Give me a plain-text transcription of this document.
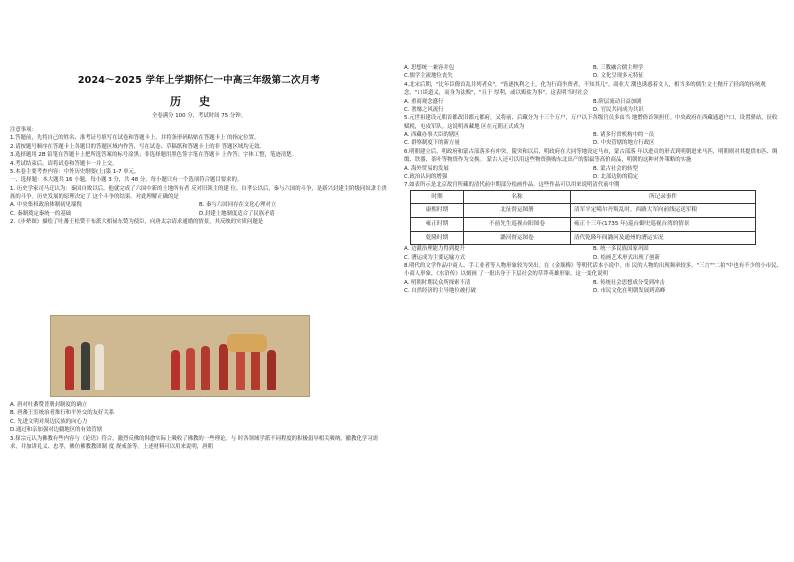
2024～2025 学年上学期怀仁一中高三年级第二次月考
历史
全卷满分 100 分，考试时间 75 分钟。

注意事项：

1.答题前，先将自己的姓名、准考证号填写在试卷和答题卡上，并将条形码粘贴在答题卡上 的指定位置。

2.请按题号顺序在答题卡上各题目的答题区域内作答，写在试卷、草稿纸和答题卡上的非 答题区域均无效。

3.选择题用 2B 铅笔在答题卡上把所选答案的标号涂黑；非选择题用黑色签字笔在答题卡 上作答；字体工整，笔迹清楚。

4.考试结束后，请将试卷和答题卡一并上交。

5.本卷主要考查内容：中外历史纲要(上)第 1-7 单元。

一、选择题：本大题共 16 小题，每小题 3 分，共 48 分。每小题只有一个选项符合题目要求的。

1. 历史学家司马迁认为：秦国自败以后，他就完成了六国中新的土地所有者 反对旧领主的建 位。自孝公以后，秦与六国的斗争，是新兴封建主阶级同奴隶主贵族的斗争。历史发展的原理决定了 这个斗争的结果。对此理解正确的是

A. 中央集权政治体制初见端倪	B. 秦与六国同存在文化心理对立
C. 秦制奠定秦统一的基础	D.封建土地制度适合了民族矛盾

2.《步辇图》描绘了吐蕃王松赞干布派大相禄东赞为使臣，向唐太宗请求通婚的情景，其反映的实质问题是

A. 唐对吐蕃赞普册封制度的确立

B. 唐蕃王室统治者推行和平外交的友好关系

C. 先进文明对周边民族的向心力

D.通过和亲加强对边疆地区的有效管辖

3.探宗元认为佛教有些内容与《论语》符合，激烈反佛的韩愈实际上吸收了佛教的一些理论。与 时各领域学派不同程度的积极倡导相关吸纳。撤教化学习需求，并加讲礼义、忠孝，佛仿佛教教团制 度 规戒条等。上述材料可以用来说明，唐朝

A. 思想统一兼容并包	B. 三教融合儒主理学
C.儒学主流地位丧失	D. 文化呈现多元特征

4.北宋后期，"比年臣僚首乱并列者众"，"皆逐执利之士，化为行商坐贾者，不知其几"。商业大 潮也诱惑着文人，相当多的儒生文士抛开了轻商的传统观念，"口谈道义，而身为法贩"，"且于 厚利，或以贩盐为事"。这表明当时社会

A. 重商观念盛行	B.阶层流动日益加剧
C. 奢靡之风流行	D. 官民共同成为共识

5.元世祖建设元朝首都改旧都元都府，又将前、后藏分为十三个万户，万户以下各级官员多由当 地僧俗首领担任。中央政府在西藏通道户口，设置驿站，征收赋税，屯戍军队。这说明西藏地 区在元朝正式成为

A. 西藏办事大臣的辖区	B. 诸多行省机构中的一员
C. 群察制度下的新方量	D. 中央管辖的地方行政区

6.明朝建立后，明政府和蒙古部落多有冲突，陵突和以后，明政府在大同等地设定马市，蒙古部落 年以进贡的形式到明朝进来马匹，明朝则对其提供布匹、绸缎、铁器、茶叶等物资作为交换。 蒙古人还可以用这些物资换购东北出产的貂鼠等高价商品，明朝的这种对外策略的实施

A. 海外贸易的发展	B. 蒙古社会的转型
C.政治认同的增强	D. 北部边防的稳定

7.如表所示是北京故宫所藏的清代前中期部分绘画作品。这些作品可以用来说明清代前中期

时期	名称	所记录事件
康熙时期	北征督运图册	清军平定噶尔丹叛乱时，西路大军向前线运送军粮
雍正时期	不前先生巡视台阳图卷	雍正十三年(1735 年)巡台御史巡视台湾的情景
乾隆时期	潞河督运图卷	清代乾隆年间潞河及通州的漕运实况
A. 边疆治理能力得到提升	B. 统一多民族国家巩固
C. 漕运成为主要运输方式	D. 绘画艺术形式出现了创新

8.明代的文学作品中商人、手工业者等人物形象较为突出。在《金瓶梅》等明代话本小说中，市 民的人物的出现频率较多，"三言""二拍"中也有不少的小市民、小商人形象，《水浒传》以刻画 了一批出身于下层社会的草莽英雄形象。这一变化说明

A. 明朝时期民众所探索不清	B. 传统社会思想成分受到冲击
C. 自然经济的主导地位被打破	D. 市民文化在明朝发展到高峰
